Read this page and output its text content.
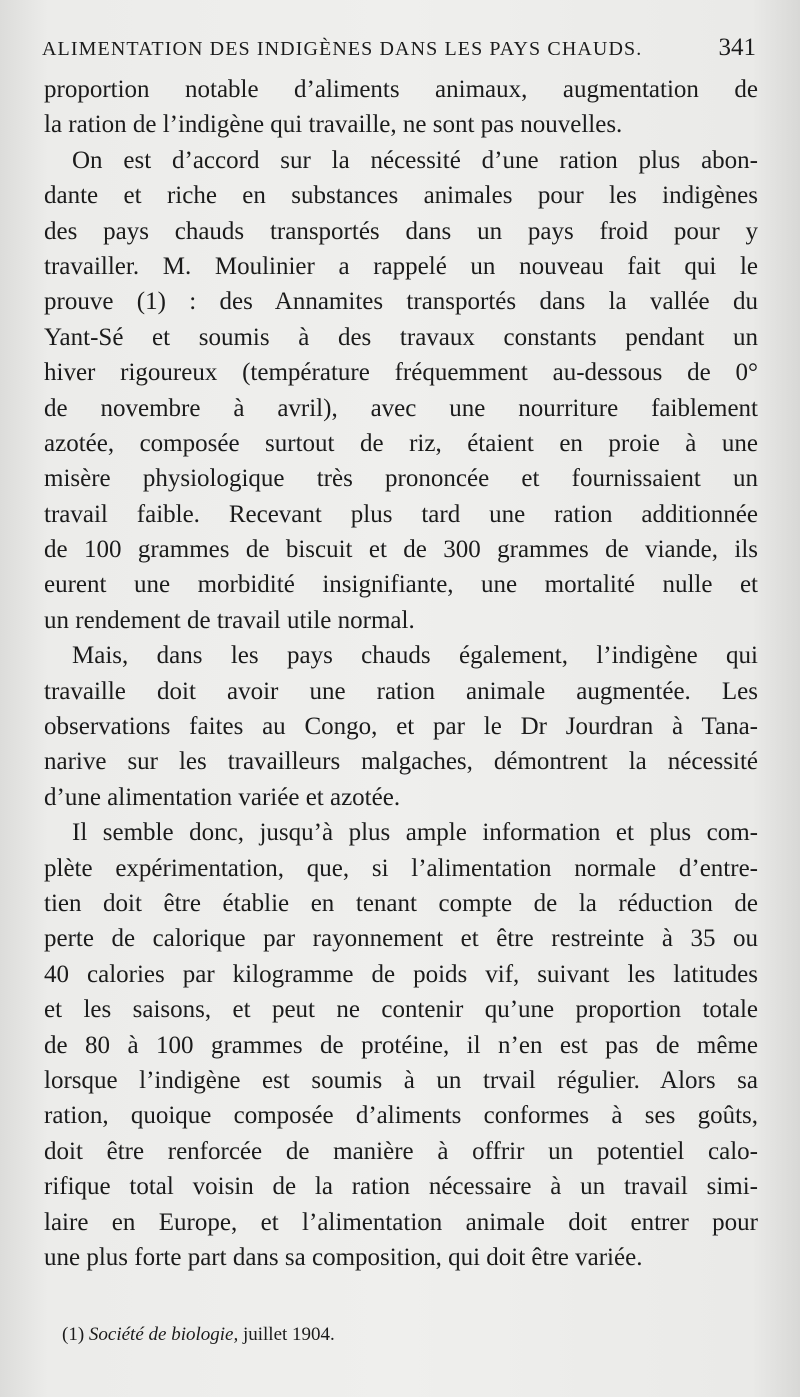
ALIMENTATION DES INDIGÈNES DANS LES PAYS CHAUDS.	341
proportion notable d’aliments animaux, augmentation de
la ration de l’indigène qui travaille, ne sont pas nouvelles.
On est d’accord sur la nécessité d’une ration plus abon-
dante et riche en substances animales pour les indigènes
des pays chauds transportés dans un pays froid pour y
travailler. M. Moulinier a rappelé un nouveau fait qui le
prouve (1) : des Annamites transportés dans la vallée du
Yant-Sé et soumis à des travaux constants pendant un
hiver rigoureux (température fréquemment au-dessous de 0°
de novembre à avril), avec une nourriture faiblement
azotée, composée surtout de riz, étaient en proie à une
misère physiologique très prononcée et fournissaient un
travail faible. Recevant plus tard une ration additionnée
de 100 grammes de biscuit et de 300 grammes de viande, ils
eurent une morbidité insignifiante, une mortalité nulle et
un rendement de travail utile normal.
Mais, dans les pays chauds également, l’indigène qui
travaille doit avoir une ration animale augmentée. Les
observations faites au Congo, et par le Dr Jourdran à Tana-
narive sur les travailleurs malgaches, démontrent la nécessité
d’une alimentation variée et azotée.
Il semble donc, jusqu’à plus ample information et plus com-
plète expérimentation, que, si l’alimentation normale d’entre-
tien doit être établie en tenant compte de la réduction de
perte de calorique par rayonnement et être restreinte à 35 ou
40 calories par kilogramme de poids vif, suivant les latitudes
et les saisons, et peut ne contenir qu’une proportion totale
de 80 à 100 grammes de protéine, il n’en est pas de même
lorsque l’indigène est soumis à un trvail régulier. Alors sa
ration, quoique composée d’aliments conformes à ses goûts,
doit être renforcée de manière à offrir un potentiel calo-
rifique total voisin de la ration nécessaire à un travail simi-
laire en Europe, et l’alimentation animale doit entrer pour
une plus forte part dans sa composition, qui doit être variée.
(1) Société de biologie, juillet 1904.
